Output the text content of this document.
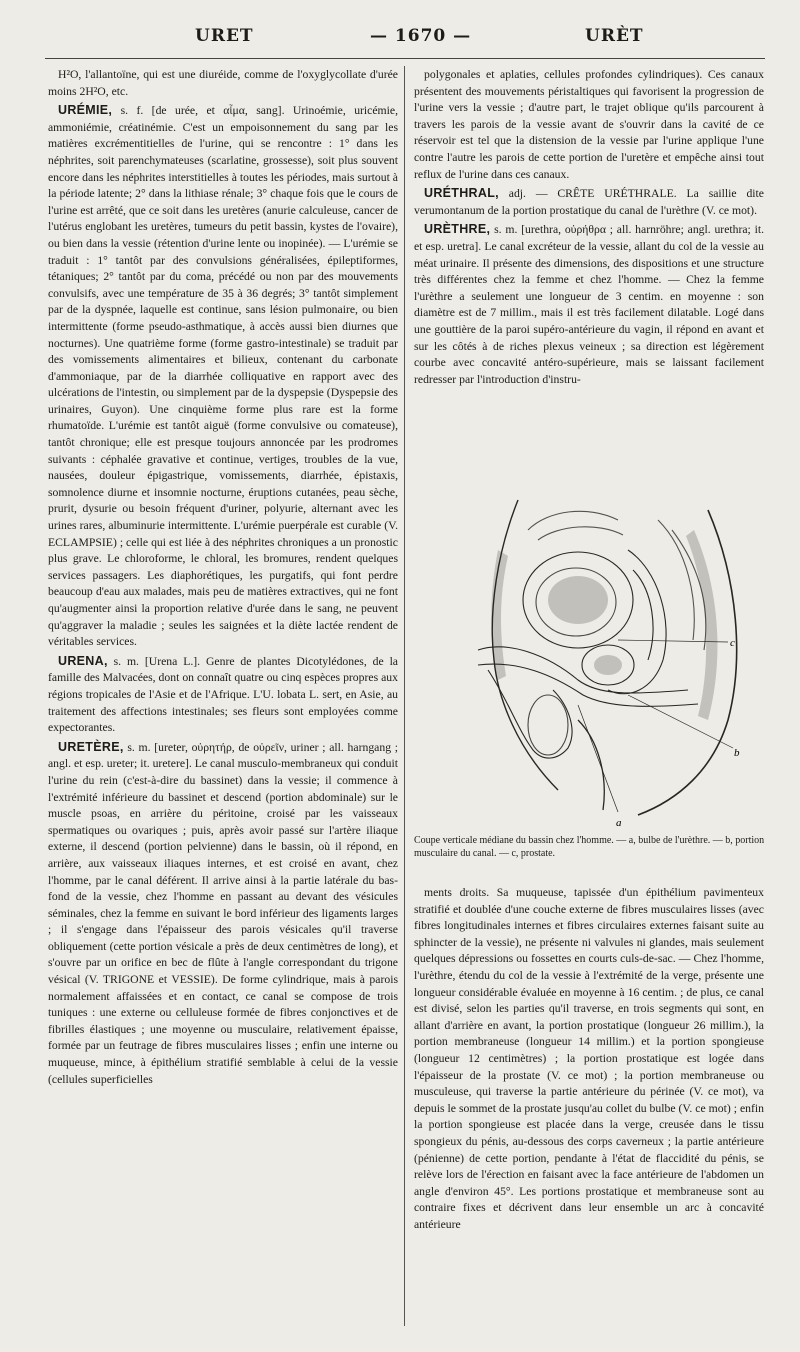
URET	— 1670 —	URÈT

H²O, l'allantoïne, qui est une diuréide, comme de l'oxyglycollate d'urée moins 2H²O, etc.

URÉMIE, s. f. [de urée, et αἷμα, sang]. Urinoémie, uricémie, ammoniémie, créatinémie. C'est un empoisonnement du sang par les matières excrémentitielles de l'urine, qui se rencontre : 1° dans les néphrites, soit parenchymateuses (scarlatine, grossesse), soit plus souvent encore dans les néphrites interstitielles à toutes les périodes, mais surtout à la période latente; 2° dans la lithiase rénale; 3° chaque fois que le cours de l'urine est arrêté, que ce soit dans les uretères (anurie calculeuse, cancer de l'utérus englobant les uretères, tumeurs du petit bassin, kystes de l'ovaire), ou bien dans la vessie (rétention d'urine lente ou inopinée). — L'urémie se traduit : 1° tantôt par des convulsions généralisées, épileptiformes, tétaniques; 2° tantôt par du coma, précédé ou non par des mouvements convulsifs, avec une température de 35 à 36 degrés; 3° tantôt simplement par de la dyspnée, laquelle est continue, sans lésion pulmonaire, ou bien intermittente (forme pseudo-asthmatique, à accès aussi bien diurnes que nocturnes). Une quatrième forme (forme gastro-intestinale) se traduit par des vomissements alimentaires et bilieux, contenant du carbonate d'ammoniaque, par de la diarrhée colliquative en rapport avec des ulcérations de l'intestin, ou simplement par de la dyspepsie (Dyspepsie des urinaires, Guyon). Une cinquième forme plus rare est la forme rhumatoïde. L'urémie est tantôt aiguë (forme convulsive ou comateuse), tantôt chronique; elle est presque toujours annoncée par les prodromes suivants : céphalée gravative et continue, vertiges, troubles de la vue, nausées, douleur épigastrique, vomissements, diarrhée, épistaxis, somnolence diurne et insomnie nocturne, éruptions cutanées, peau sèche, prurit, dysurie ou besoin fréquent d'uriner, polyurie, alternant avec les urines rares, albuminurie intermittente. L'urémie puerpérale est curable (V. ECLAMPSIE) ; celle qui est liée à des néphrites chroniques a un pronostic plus grave. Le chloroforme, le chloral, les bromures, rendent quelques services passagers. Les diaphorétiques, les purgatifs, qui font perdre beaucoup d'eau aux malades, mais peu de matières extractives, qui ne font qu'augmenter ainsi la proportion relative d'urée dans le sang, ne peuvent qu'aggraver la maladie ; seules les saignées et la diète lactée rendent de véritables services.

URENA, s. m. [Urena L.]. Genre de plantes Dicotylédones, de la famille des Malvacées, dont on connaît quatre ou cinq espèces propres aux régions tropicales de l'Asie et de l'Afrique. L'U. lobata L. sert, en Asie, au traitement des affections intestinales; ses fleurs sont employées comme expectorantes.

URETÈRE, s. m. [ureter, οὐρητήρ, de οὐρεῖν, uriner ; all. harngang ; angl. et esp. ureter; it. uretere]. Le canal musculo-membraneux qui conduit l'urine du rein (c'est-à-dire du bassinet) dans la vessie; il commence à l'extrémité inférieure du bassinet et descend (portion abdominale) sur le muscle psoas, en arrière du péritoine, croisé par les vaisseaux spermatiques ou ovariques ; puis, après avoir passé sur l'artère iliaque externe, il descend (portion pelvienne) dans le bassin, où il répond, en arrière, aux vaisseaux iliaques internes, et est croisé en avant, chez l'homme, par le canal déférent. Il arrive ainsi à la partie latérale du bas-fond de la vessie, chez l'homme en passant au devant des vésicules séminales, chez la femme en suivant le bord inférieur des ligaments larges ; il s'engage dans l'épaisseur des parois vésicales qu'il traverse obliquement (cette portion vésicale a près de deux centimètres de long), et s'ouvre par un orifice en bec de flûte à l'angle correspondant du trigone vésical (V. TRIGONE et VESSIE). De forme cylindrique, mais à parois normalement affaissées et en contact, ce canal se compose de trois tuniques : une externe ou celluleuse formée de fibres conjonctives et de fibrilles élastiques ; une moyenne ou musculaire, relativement épaisse, formée par un feutrage de fibres musculaires lisses ; enfin une interne ou muqueuse, mince, à épithélium stratifié semblable à celui de la vessie (cellules superficielles

polygonales et aplaties, cellules profondes cylindriques). Ces canaux présentent des mouvements péristaltiques qui favorisent la progression de l'urine vers la vessie ; d'autre part, le trajet oblique qu'ils parcourent à travers les parois de la vessie avant de s'ouvrir dans la cavité de ce réservoir est tel que la distension de la vessie par l'urine applique l'une contre l'autre les parois de cette portion de l'uretère et empêche ainsi tout reflux de l'urine dans ces canaux.

URÉTHRAL, adj. — CRÊTE URÉTHRALE. La saillie dite verumontanum de la portion prostatique du canal de l'urèthre (V. ce mot).

URÈTHRE, s. m. [urethra, οὐρήθρα ; all. harnröhre; angl. urethra; it. et esp. uretra]. Le canal excréteur de la vessie, allant du col de la vessie au méat urinaire. Il présente des dimensions, des dispositions et une structure très différentes chez la femme et chez l'homme. — Chez la femme l'urèthre a seulement une longueur de 3 centim. en moyenne : son diamètre est de 7 millim., mais il est très facilement dilatable. Logé dans une gouttière de la paroi supéro-antérieure du vagin, il répond en avant et sur les côtés à de riches plexus veineux ; sa direction est légèrement courbe avec concavité antéro-supérieure, mais se laissant facilement redresser par l'introduction d'instru-

c
b
a
Coupe verticale médiane du bassin chez l'homme. — a, bulbe de l'urèthre. — b, portion musculaire du canal. — c, prostate.

ments droits. Sa muqueuse, tapissée d'un épithélium pavimenteux stratifié et doublée d'une couche externe de fibres musculaires lisses (avec fibres longitudinales internes et fibres circulaires externes faisant suite au sphincter de la vessie), ne présente ni valvules ni glandes, mais seulement quelques dépressions ou fossettes en courts culs-de-sac. — Chez l'homme, l'urèthre, étendu du col de la vessie à l'extrémité de la verge, présente une longueur considérable évaluée en moyenne à 16 centim. ; de plus, ce canal est divisé, selon les parties qu'il traverse, en trois segments qui sont, en allant d'arrière en avant, la portion prostatique (longueur 26 millim.), la portion membraneuse (longueur 14 millim.) et la portion spongieuse (longueur 12 centimètres) ; la portion prostatique est logée dans l'épaisseur de la prostate (V. ce mot) ; la portion membraneuse ou musculeuse, qui traverse la partie antérieure du périnée (V. ce mot), va depuis le sommet de la prostate jusqu'au collet du bulbe (V. ce mot) ; enfin la portion spongieuse est placée dans la verge, creusée dans le tissu spongieux du pénis, au-dessous des corps caverneux ; la partie antérieure (pénienne) de cette portion, pendante à l'état de flaccidité du pénis, se relève lors de l'érection en faisant avec la face antérieure de l'abdomen un angle d'environ 45°. Les portions prostatique et membraneuse sont au contraire fixes et décrivent dans leur ensemble un arc à concavité antérieure
